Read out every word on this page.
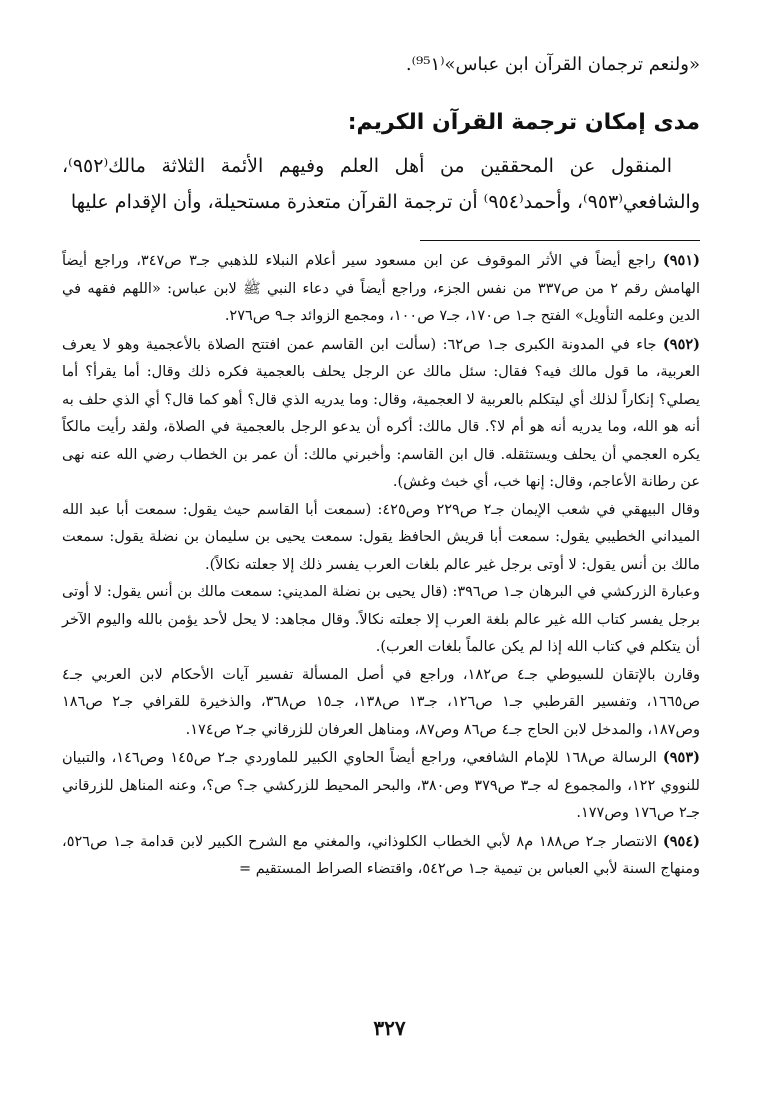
«ولنعم ترجمان القرآن ابن عباس»⁽⁹⁵١⁾.

مدى إمكان ترجمة القرآن الكريم:

المنقول عن المحققين من أهل العلم وفيهم الأئمة الثلاثة مالك⁽٩٥٢⁾، والشافعي⁽٩٥٣⁾، وأحمد⁽٩٥٤⁾ أن ترجمة القرآن متعذرة مستحيلة، وأن الإقدام عليها

(٩٥١) راجع أيضاً في الأثر الموقوف عن ابن مسعود سير أعلام النبلاء للذهبي جـ٣ ص٣٤٧، وراجع أيضاً الهامش رقم ٢ من ص٣٣٧ من نفس الجزء، وراجع أيضاً في دعاء النبي ﷺ لابن عباس: «اللهم فقهه في الدين وعلمه التأويل» الفتح جـ١ ص١٧٠، جـ٧ ص١٠٠، ومجمع الزوائد جـ٩ ص٢٧٦.

(٩٥٢) جاء في المدونة الكبرى جـ١ ص٦٢: (سألت ابن القاسم عمن افتتح الصلاة بالأعجمية وهو لا يعرف العربية، ما قول مالك فيه؟ فقال: سئل مالك عن الرجل يحلف بالعجمية فكره ذلك وقال: أما يقرأ؟ أما يصلي؟ إنكاراً لذلك أي ليتكلم بالعربية لا العجمية، وقال: وما يدريه الذي قال؟ أهو كما قال؟ أي الذي حلف به أنه هو الله، وما يدريه أنه هو أم لا؟. قال مالك: أكره أن يدعو الرجل بالعجمية في الصلاة، ولقد رأيت مالكاً يكره العجمي أن يحلف ويستثقله. قال ابن القاسم: وأخبرني مالك: أن عمر بن الخطاب رضي الله عنه نهى عن رطانة الأعاجم، وقال: إنها خب، أي خبث وغش).

وقال البيهقي في شعب الإيمان جـ٢ ص٢٢٩ وص٤٢٥: (سمعت أبا القاسم حيث يقول: سمعت أبا عبد الله الميداني الخطيبي يقول: سمعت أبا قريش الحافظ يقول: سمعت يحيى بن سليمان بن نضلة يقول: سمعت مالك بن أنس يقول: لا أوتى برجل غير عالم بلغات العرب يفسر ذلك إلا جعلته نكالاً).

وعبارة الزركشي في البرهان جـ١ ص٣٩٦: (قال يحيى بن نضلة المديني: سمعت مالك بن أنس يقول: لا أوتى برجل يفسر كتاب الله غير عالم بلغة العرب إلا جعلته نكالاً. وقال مجاهد: لا يحل لأحد يؤمن بالله واليوم الآخر أن يتكلم في كتاب الله إذا لم يكن عالماً بلغات العرب).

وقارن بالإتقان للسيوطي جـ٤ ص١٨٢، وراجع في أصل المسألة تفسير آيات الأحكام لابن العربي جـ٤ ص١٦٦٥، وتفسير القرطبي جـ١ ص١٢٦، جـ١٣ ص١٣٨، جـ١٥ ص٣٦٨، والذخيرة للقرافي جـ٢ ص١٨٦ وص١٨٧، والمدخل لابن الحاج جـ٤ ص٨٦ وص٨٧، ومناهل العرفان للزرقاني جـ٢ ص١٧٤.

(٩٥٣) الرسالة ص١٦٨ للإمام الشافعي، وراجع أيضاً الحاوي الكبير للماوردي جـ٢ ص١٤٥ وص١٤٦، والتبيان للنووي ١٢٢، والمجموع له جـ٣ ص٣٧٩ وص٣٨٠، والبحر المحيط للزركشي جـ؟ ص؟، وعنه المناهل للزرقاني جـ٢ ص١٧٦ وص١٧٧.

(٩٥٤) الانتصار جـ٢ ص١٨٨ م٨ لأبي الخطاب الكلوذاني، والمغني مع الشرح الكبير لابن قدامة جـ١ ص٥٢٦، ومنهاج السنة لأبي العباس بن تيمية جـ١ ص٥٤٢، واقتضاء الصراط المستقيم =

٣٢٧
